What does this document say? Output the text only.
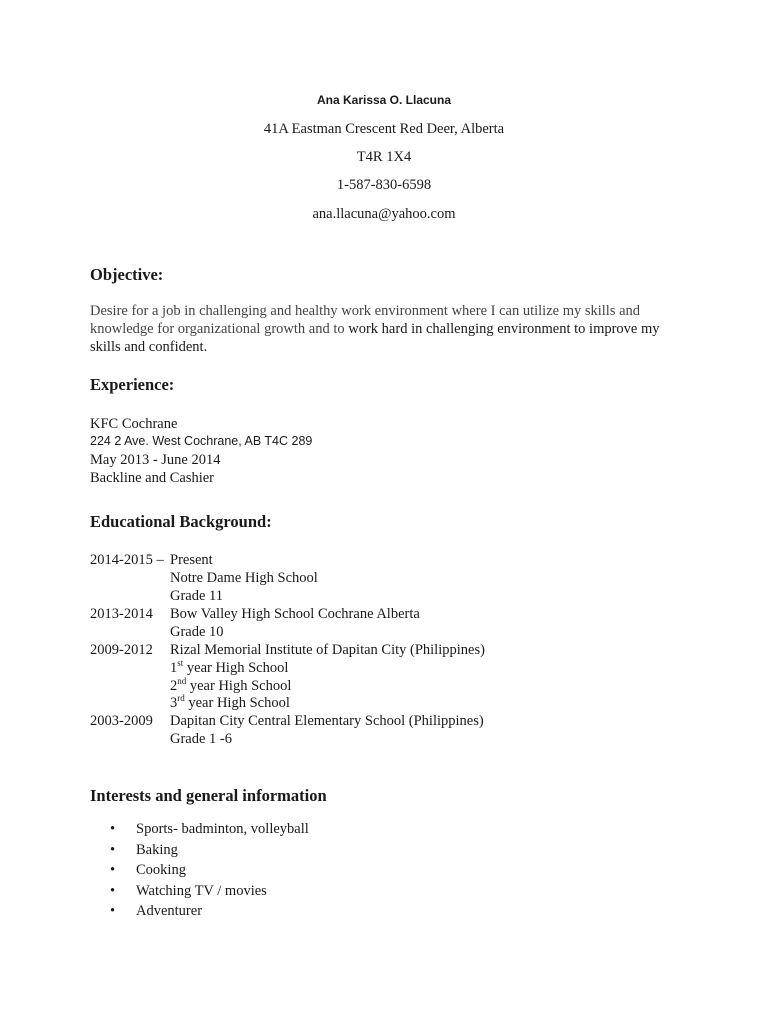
Ana Karissa O. Llacuna
41A Eastman Crescent Red Deer, Alberta
T4R 1X4
1-587-830-6598
ana.llacuna@yahoo.com
Objective:
Desire for a job in challenging and healthy work environment where I can utilize my skills and knowledge for organizational growth and to work hard in challenging environment to improve my skills and confident.
Experience:
KFC Cochrane
224 2 Ave. West Cochrane, AB T4C 289
May 2013 - June 2014
Backline and Cashier
Educational Background:
2014-2015 – Present
Notre Dame High School
Grade 11
2013-2014 Bow Valley High School Cochrane Alberta
Grade 10
2009-2012 Rizal Memorial Institute of Dapitan City (Philippines)
1st year High School
2nd year High School
3rd year High School
2003-2009 Dapitan City Central Elementary School (Philippines)
Grade 1 -6
Interests and general information
• Sports- badminton, volleyball
• Baking
• Cooking
• Watching TV / movies
• Adventurer
